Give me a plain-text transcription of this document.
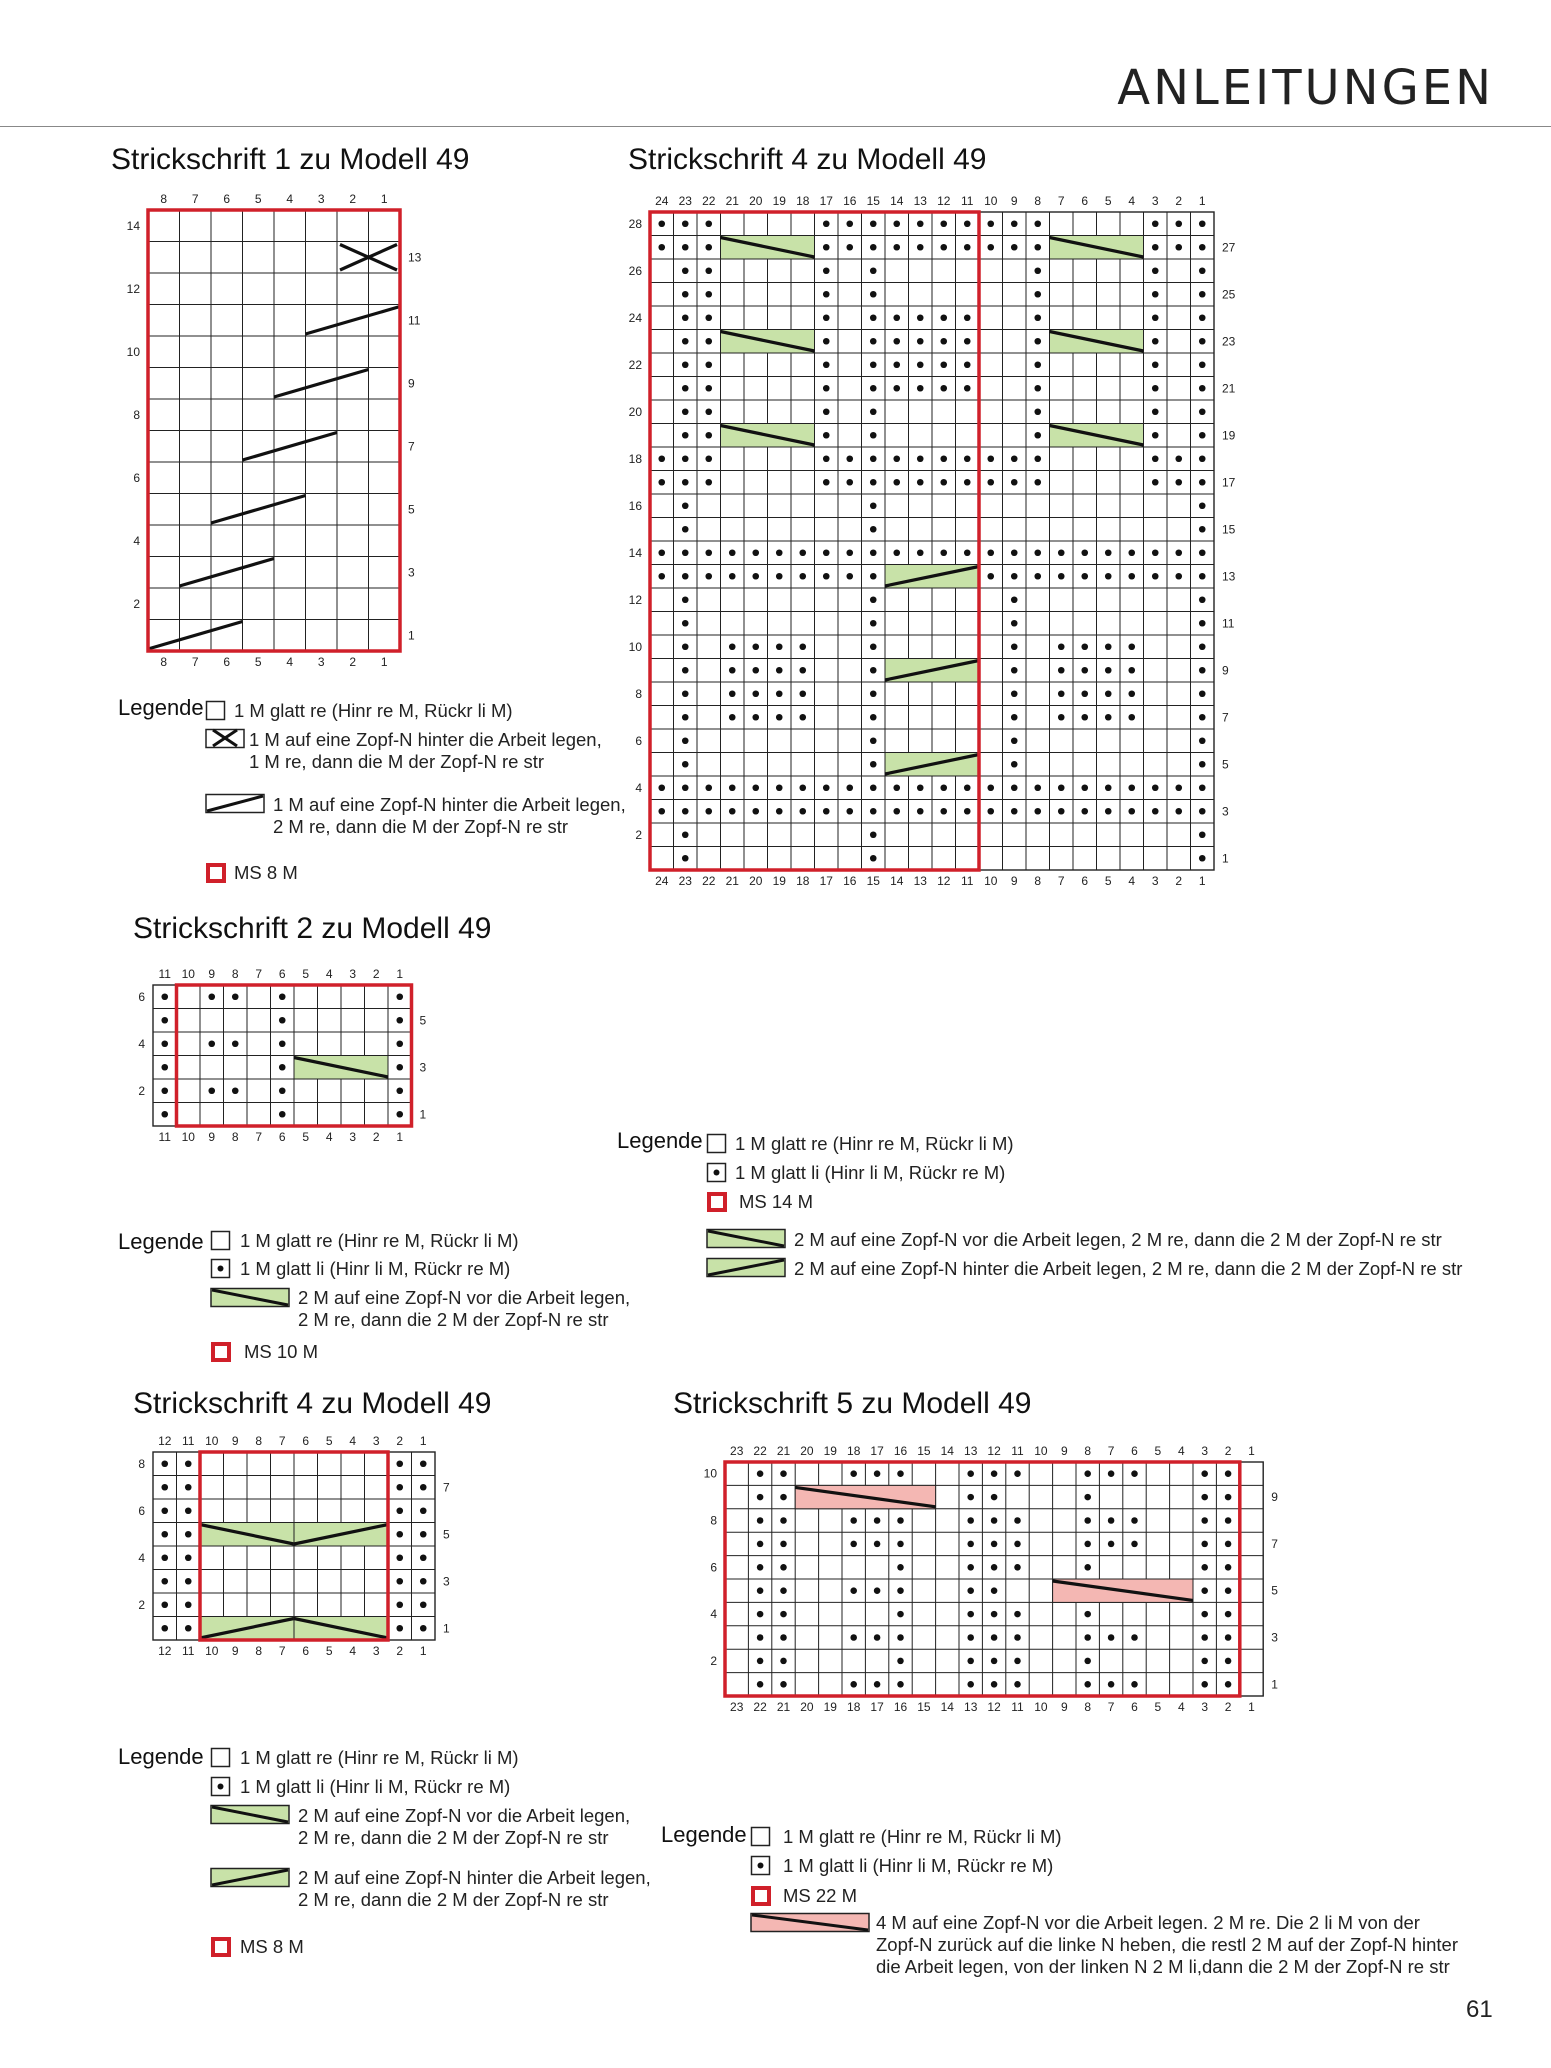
ANLEITUNGEN
Strickschrift 1 zu Modell 49
1
1
2
2
3
3
4
4
5
5
6
6
7
7
8
8
1
2
3
4
5
6
7
8
9
10
11
12
13
14
Legende 1 M glatt re (Hinr re M, Rückr li M)
1 M auf eine Zopf-N hinter die Arbeit legen,
1 M re, dann die M der Zopf-N re str
1 M auf eine Zopf-N hinter die Arbeit legen,
2 M re, dann die M der Zopf-N re str
MS 8 M
Strickschrift 2 zu Modell 49
1
1
2
2
3
3
4
4
5
5
6
6
7
7
8
8
9
9
10
10
11
11
1
2
3
4
5
6
Legende 1 M glatt re (Hinr re M, Rückr li M)
1 M glatt li (Hinr li M, Rückr re M)
2 M auf eine Zopf-N vor die Arbeit legen,
2 M re, dann die 2 M der Zopf-N re str
MS 10 M
Strickschrift 4 zu Modell 49
1
1
2
2
3
3
4
4
5
5
6
6
7
7
8
8
9
9
10
10
11
11
12
12
13
13
14
14
15
15
16
16
17
17
18
18
19
19
20
20
21
21
22
22
23
23
24
24
1
2
3
4
5
6
7
8
9
10
11
12
13
14
15
16
17
18
19
20
21
22
23
24
25
26
27
28
Legende 1 M glatt re (Hinr re M, Rückr li M)
1 M glatt li (Hinr li M, Rückr re M)
MS 14 M
2 M auf eine Zopf-N vor die Arbeit legen, 2 M re, dann die 2 M der Zopf-N re str
2 M auf eine Zopf-N hinter die Arbeit legen, 2 M re, dann die 2 M der Zopf-N re str
Strickschrift 4 zu Modell 49
1
1
2
2
3
3
4
4
5
5
6
6
7
7
8
8
9
9
10
10
11
11
12
12
1
2
3
4
5
6
7
8
Legende 1 M glatt re (Hinr re M, Rückr li M)
1 M glatt li (Hinr li M, Rückr re M)
2 M auf eine Zopf-N vor die Arbeit legen,
2 M re, dann die 2 M der Zopf-N re str
2 M auf eine Zopf-N hinter die Arbeit legen,
2 M re, dann die 2 M der Zopf-N re str
MS 8 M
Strickschrift 5 zu Modell 49
1
1
2
2
3
3
4
4
5
5
6
6
7
7
8
8
9
9
10
10
11
11
12
12
13
13
14
14
15
15
16
16
17
17
18
18
19
19
20
20
21
21
22
22
23
23
1
2
3
4
5
6
7
8
9
10
Legende 1 M glatt re (Hinr re M, Rückr li M)
1 M glatt li (Hinr li M, Rückr re M)
MS 22 M
4 M auf eine Zopf-N vor die Arbeit legen. 2 M re. Die 2 li M von der
Zopf-N zurück auf die linke N heben, die restl 2 M auf der Zopf-N hinter
die Arbeit legen, von der linken N 2 M li,dann die 2 M der Zopf-N re str
61
